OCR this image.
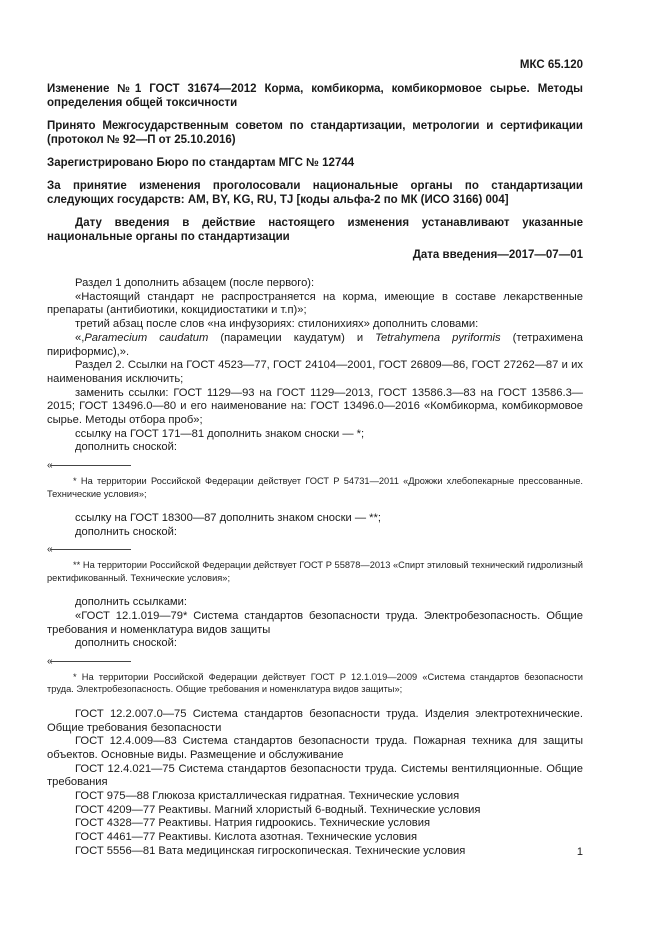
МКС 65.120
Изменение №1 ГОСТ 31674—2012 Корма, комбикорма, комбикормовое сырье. Методы определения общей токсичности
Принято Межгосударственным советом по стандартизации, метрологии и сертификации (протокол № 92—П от 25.10.2016)
Зарегистрировано Бюро по стандартам МГС № 12744
За принятие изменения проголосовали национальные органы по стандартизации следующих государств: AM, BY, KG, RU, TJ [коды альфа-2 по МК (ИСО 3166) 004]
Дату введения в действие настоящего изменения устанавливают указанные национальные органы по стандартизации
Дата введения—2017—07—01

Раздел 1 дополнить абзацем (после первого):

«Настоящий стандарт не распространяется на корма, имеющие в составе лекарственные препараты (антибиотики, кокцидиостатики и т.п)»;

третий абзац после слов «на инфузориях: стилонихиях» дополнить словами:

«,Paramecium caudatum (парамеции каудатум) и Tetrahymena pyriformis (тетрахимена пириформис),».

Раздел 2. Ссылки на ГОСТ 4523—77, ГОСТ 24104—2001, ГОСТ 26809—86, ГОСТ 27262—87 и их наименования исключить;

заменить ссылки: ГОСТ 1129—93 на ГОСТ 1129—2013, ГОСТ 13586.3—83 на ГОСТ 13586.3—2015; ГОСТ 13496.0—80 и его наименование на: ГОСТ 13496.0—2016 «Комбикорма, комбикормовое сырье. Методы отбора проб»;

ссылку на ГОСТ 171—81 дополнить знаком сноски — *;

дополнить сноской:

«

* На территории Российской Федерации действует ГОСТ Р 54731—2011 «Дрожжи хлебопекарные прессованные. Технические условия»;

ссылку на ГОСТ 18300—87 дополнить знаком сноски — **;

дополнить сноской:

«

** На территории Российской Федерации действует ГОСТ Р 55878—2013 «Спирт этиловый технический гидролизный ректификованный. Технические условия»;

дополнить ссылками:

«ГОСТ 12.1.019—79* Система стандартов безопасности труда. Электробезопасность. Общие требования и номенклатура видов защиты

дополнить сноской:

«

* На территории Российской Федерации действует ГОСТ Р 12.1.019—2009 «Система стандартов безопасности труда. Электробезопасность. Общие требования и номенклатура видов защиты»;

ГОСТ 12.2.007.0—75 Система стандартов безопасности труда. Изделия электротехнические. Общие требования безопасности

ГОСТ 12.4.009—83 Система стандартов безопасности труда. Пожарная техника для защиты объектов. Основные виды. Размещение и обслуживание

ГОСТ 12.4.021—75 Система стандартов безопасности труда. Системы вентиляционные. Общие требования

ГОСТ 975—88 Глюкоза кристаллическая гидратная. Технические условия

ГОСТ 4209—77 Реактивы. Магний хлористый 6-водный. Технические условия

ГОСТ 4328—77 Реактивы. Натрия гидроокись. Технические условия

ГОСТ 4461—77 Реактивы. Кислота азотная. Технические условия

ГОСТ 5556—81 Вата медицинская гигроскопическая. Технические условия	1
